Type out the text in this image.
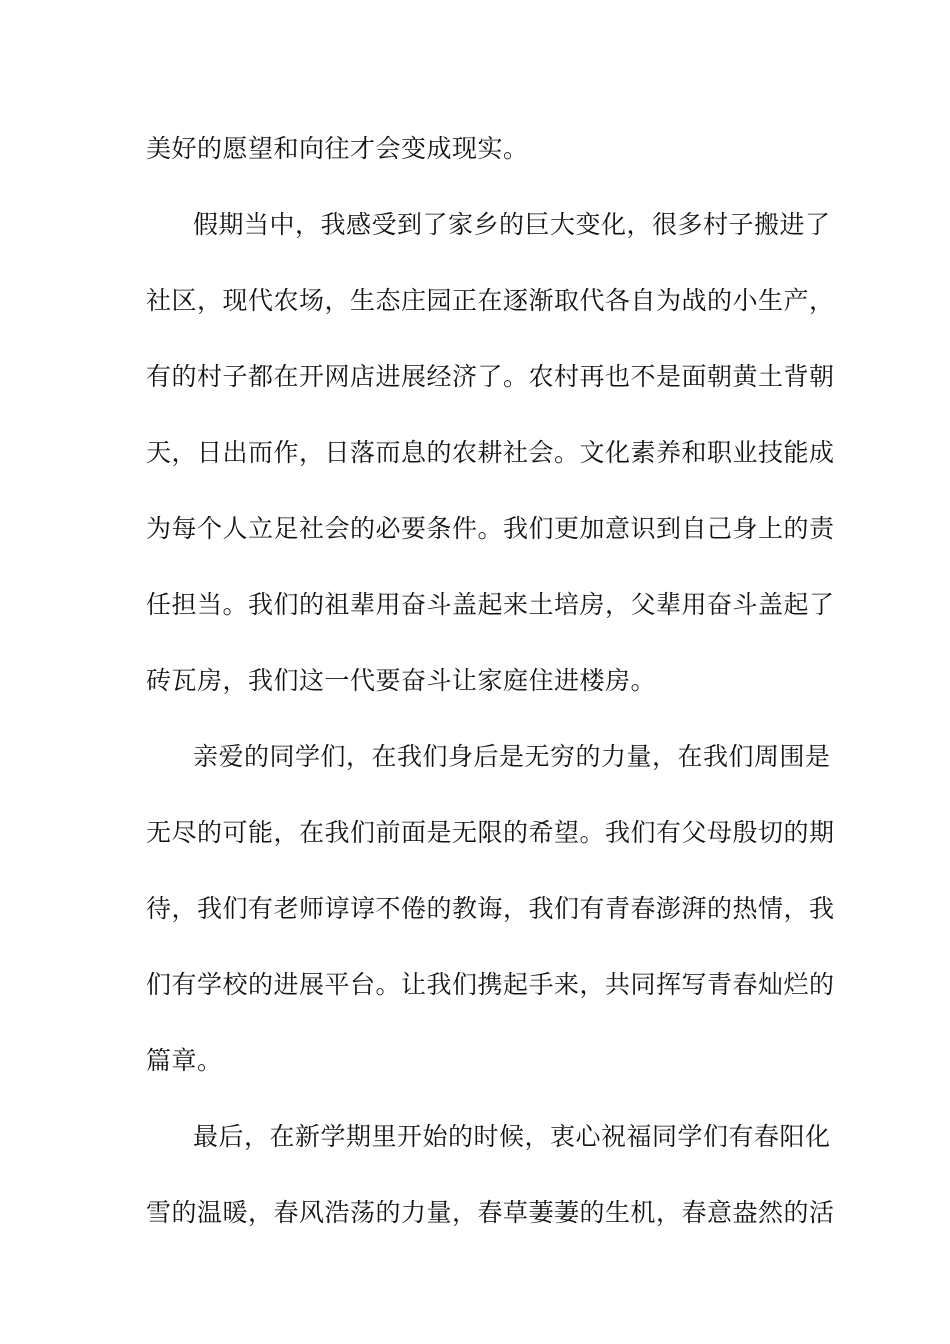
美好的愿望和向往才会变成现实。
假期当中，我感受到了家乡的巨大变化，很多村子搬进了
社区，现代农场，生态庄园正在逐渐取代各自为战的小生产，
有的村子都在开网店进展经济了。农村再也不是面朝黄土背朝
天，日出而作，日落而息的农耕社会。文化素养和职业技能成
为每个人立足社会的必要条件。我们更加意识到自己身上的责
任担当。我们的祖辈用奋斗盖起来土培房，父辈用奋斗盖起了
砖瓦房，我们这一代要奋斗让家庭住进楼房。
亲爱的同学们，在我们身后是无穷的力量，在我们周围是
无尽的可能，在我们前面是无限的希望。我们有父母殷切的期
待，我们有老师谆谆不倦的教诲，我们有青春澎湃的热情，我
们有学校的进展平台。让我们携起手来，共同挥写青春灿烂的
篇章。
最后，在新学期里开始的时候，衷心祝福同学们有春阳化
雪的温暖，春风浩荡的力量，春草萋萋的生机，春意盎然的活
